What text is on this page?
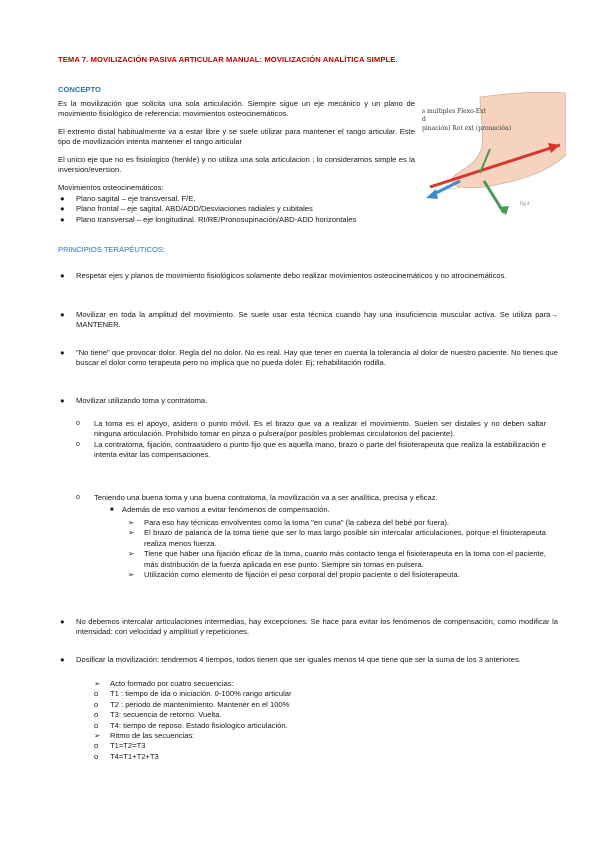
TEMA 7. MOVILIZACIÓN PASIVA ARTICULAR MANUAL: MOVILIZACIÓN ANALÍTICA SIMPLE.
CONCEPTO
Es la movilización que solicita una sola articulación. Siempre sigue un eje mecánico y un plano de movimiento fisiológico de referencia: movimientos osteocinemáticos.
El extremo distal habitualmente va a estar libre y se suele utilizar para mantener el rango articular. Este tipo de movilización intenta mantener el rango articular
El unico eje que no es fisiologico (henkle) y no utiliza una sola articulacion ; lo consideramos simple es la inversion/eversion.
Movimientos osteocinemáticos:
● Plano sagital – eje transversal. F/E.
● Plano frontal – eje sagital. ABD/ADD/Desviaciones radiales y cubitales
● Plano transversal – eje longitudinal. RI/RE/Pronosupinación/ABD-ADD horizontales
s multiples Flexo-Ext
d
pinación) Rot ext (pronación)
Fig 4
PRINCIPIOS TERAPÉUTICOS:
● Respetar ejes y planos de movimiento fisiológicos solamente debo realizar movimientos osteocinemáticos y no atrocinemáticos.
● Movilizar en toda la amplitud del movimiento. Se suele usar esta técnica cuando hay una insuficiencia muscular activa. Se utiliza para→ MANTENER.
● "No tiene" que provocar dolor. Regla del no dolor. No es real. Hay que tener en cuenta la tolerancia al dolor de nuestro paciente. No tienes que buscar el dolor como terapeuta pero no implica que no pueda doler. Ej; rehabilitación rodilla.
● Movilizar utilizando toma y contratoma.
o La toma es el apoyo, asidero o punto móvil. Es el brazo que va a realizar el movimiento. Suelen ser distales y no deben saltar ninguna articulación. Prohibido tomar en pinza o pulsera(por posibles problemas circulatorios del paciente).
o La contratoma, fijación, contraasidero o punto fijo que es aquella mano, brazo o parte del fisioterapeuta que realiza la estabilización e intenta evitar las compensaciones.
o Teniendo una buena toma y una buena contratoma, la movilización va a ser analítica, precisa y eficaz.
■ Además de eso vamos a evitar fenómenos de compensación.
➢ Para eso hay técnicas envolventes como la toma "en cuna" (la cabeza del bebé por fuera).
➢ El brazo de palanca de la toma tiene que ser lo mas largo posible sin intercalar articulaciones, porque el fisioterapeuta realiza menos fuerza.
➢ Tiene que haber una fijación eficaz de la toma, cuanto más contacto tenga el fisioterapeuta en la toma con el paciente, más distribución de la fuerza aplicada en ese punto. Siempre sin tomas en pulsera.
➢ Utilización como elemento de fijación el peso corporal del propio paciente o del fisioterapeuta.
● No debemos intercalar articulaciones intermedias, hay excepciones. Se hace para evitar los fenómenos de compensación, como modificar la intensidad: con velocidad y amplitud y repeticiones.
● Dosificar la movilización: tendremos 4 tiempos, todos tienen que ser iguales menos t4 que tiene que ser la suma de los 3 anteriores.
➢ Acto formado por cuatro secuencias:
o T1 : tiempo de ida o iniciación. 0-100% rango articular
o T2 : periodo de mantenimiento. Mantener en el 100%
o T3: secuencia de retorno. Vuelta.
o T4: tiempo de reposo. Estado fisiologico articulación.
➢ Ritmo de las secuencias:
o T1=T2=T3
o T4=T1+T2+T3
